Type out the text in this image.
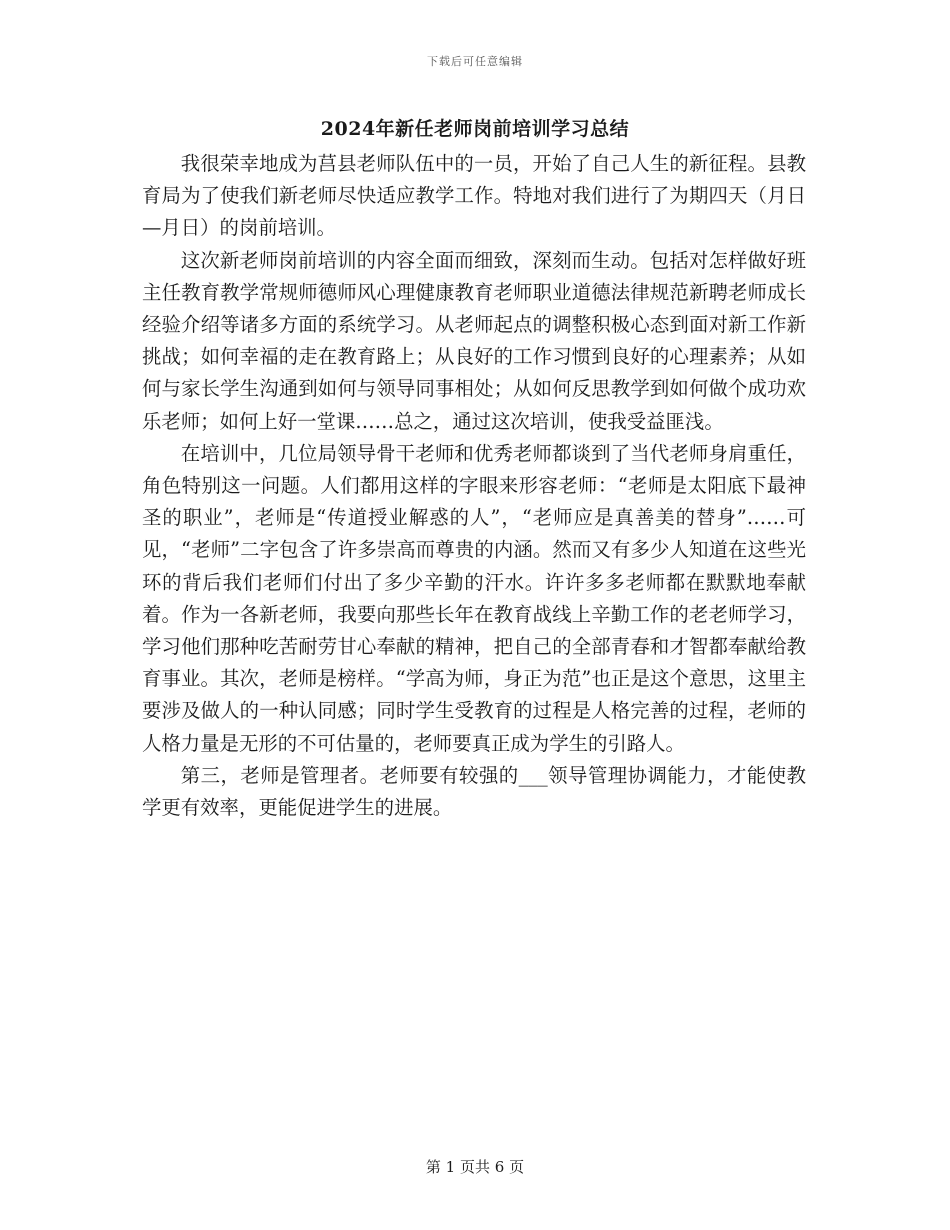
下载后可任意编辑
2024年新任老师岗前培训学习总结

我很荣幸地成为莒县老师队伍中的一员，开始了自己人生的新征程。县教育局为了使我们新老师尽快适应教学工作。特地对我们进行了为期四天（月日—月日）的岗前培训。

这次新老师岗前培训的内容全面而细致，深刻而生动。包括对怎样做好班主任教育教学常规师德师风心理健康教育老师职业道德法律规范新聘老师成长经验介绍等诸多方面的系统学习。从老师起点的调整积极心态到面对新工作新挑战；如何幸福的走在教育路上；从良好的工作习惯到良好的心理素养；从如何与家长学生沟通到如何与领导同事相处；从如何反思教学到如何做个成功欢乐老师；如何上好一堂课……总之，通过这次培训，使我受益匪浅。

在培训中，几位局领导骨干老师和优秀老师都谈到了当代老师身肩重任，角色特别这一问题。人们都用这样的字眼来形容老师：“老师是太阳底下最神圣的职业”，老师是“传道授业解惑的人”，“老师应是真善美的替身”……可见，“老师”二字包含了许多崇高而尊贵的内涵。然而又有多少人知道在这些光环的背后我们老师们付出了多少辛勤的汗水。许许多多老师都在默默地奉献着。作为一各新老师，我要向那些长年在教育战线上辛勤工作的老老师学习，学习他们那种吃苦耐劳甘心奉献的精神，把自己的全部青春和才智都奉献给教育事业。其次，老师是榜样。“学高为师，身正为范”也正是这个意思，这里主要涉及做人的一种认同感；同时学生受教育的过程是人格完善的过程，老师的人格力量是无形的不可估量的，老师要真正成为学生的引路人。

第三，老师是管理者。老师要有较强的___领导管理协调能力，才能使教学更有效率，更能促进学生的进展。

第 1 页共 6 页
